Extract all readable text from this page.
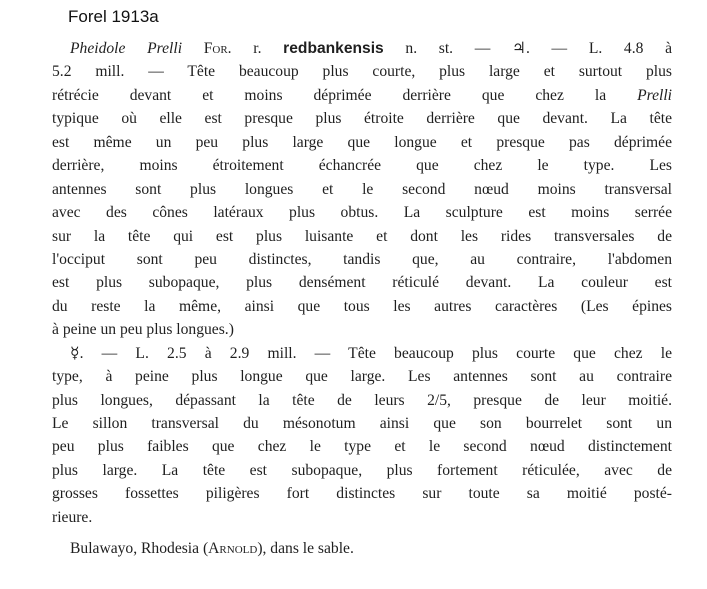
Forel 1913a
Pheidole Prelli For. r. redbankensis n. st. — ♃. — L. 4.8 à
5.2 mill. — Tête beaucoup plus courte, plus large et surtout plus
rétrécie devant et moins déprimée derrière que chez la Prelli
typique où elle est presque plus étroite derrière que devant. La tête
est même un peu plus large que longue et presque pas déprimée
derrière, moins étroitement échancrée que chez le type. Les
antennes sont plus longues et le second nœud moins transversal
avec des cônes latéraux plus obtus. La sculpture est moins serrée
sur la tête qui est plus luisante et dont les rides transversales de
l'occiput sont peu distinctes, tandis que, au contraire, l'abdomen
est plus subopaque, plus densément réticulé devant. La couleur est
du reste la même, ainsi que tous les autres caractères (Les épines
à peine un peu plus longues.)
☿. — L. 2.5 à 2.9 mill. — Tête beaucoup plus courte que chez le
type, à peine plus longue que large. Les antennes sont au contraire
plus longues, dépassant la tête de leurs 2/5, presque de leur moitié.
Le sillon transversal du mésonotum ainsi que son bourrelet sont un
peu plus faibles que chez le type et le second nœud distinctement
plus large. La tête est subopaque, plus fortement réticulée, avec de
grosses fossettes piligères fort distinctes sur toute sa moitié posté-
rieure.
Bulawayo, Rhodesia (Arnold), dans le sable.
